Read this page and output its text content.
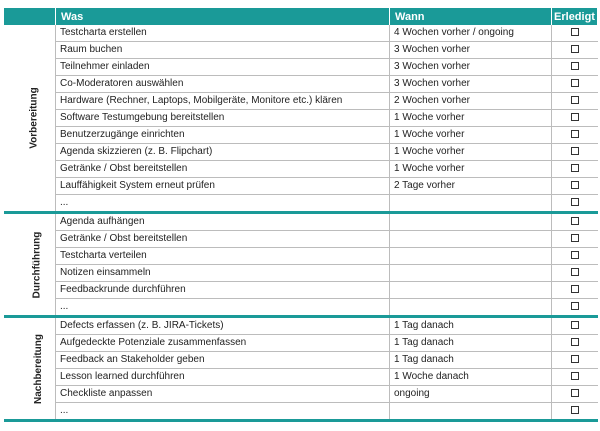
	Was	Wann	Erledigt
Vorbereitung	Testcharta erstellen	4 Wochen vorher / ongoing	
	Raum buchen	3 Wochen vorher	
	Teilnehmer einladen	3 Wochen vorher	
	Co-Moderatoren auswählen	3 Wochen vorher	
	Hardware (Rechner, Laptops, Mobilgeräte, Monitore etc.) klären	2 Wochen vorher	
	Software Testumgebung bereitstellen	1 Woche vorher	
	Benutzerzugänge einrichten	1 Woche vorher	
	Agenda skizzieren (z. B. Flipchart)	1 Woche vorher	
	Getränke / Obst bereitstellen	1 Woche vorher	
	Lauffähigkeit System erneut prüfen	2 Tage vorher	
	...		
Durchführung	Agenda aufhängen		
	Getränke / Obst bereitstellen		
	Testcharta verteilen		
	Notizen einsammeln		
	Feedbackrunde durchführen		
	...		
Nachbereitung	Defects erfassen (z. B. JIRA-Tickets)	1 Tag danach	
	Aufgedeckte Potenziale zusammenfassen	1 Tag danach	
	Feedback an Stakeholder geben	1 Tag danach	
	Lesson learned durchführen	1 Woche danach	
	Checkliste anpassen	ongoing	
	...		
